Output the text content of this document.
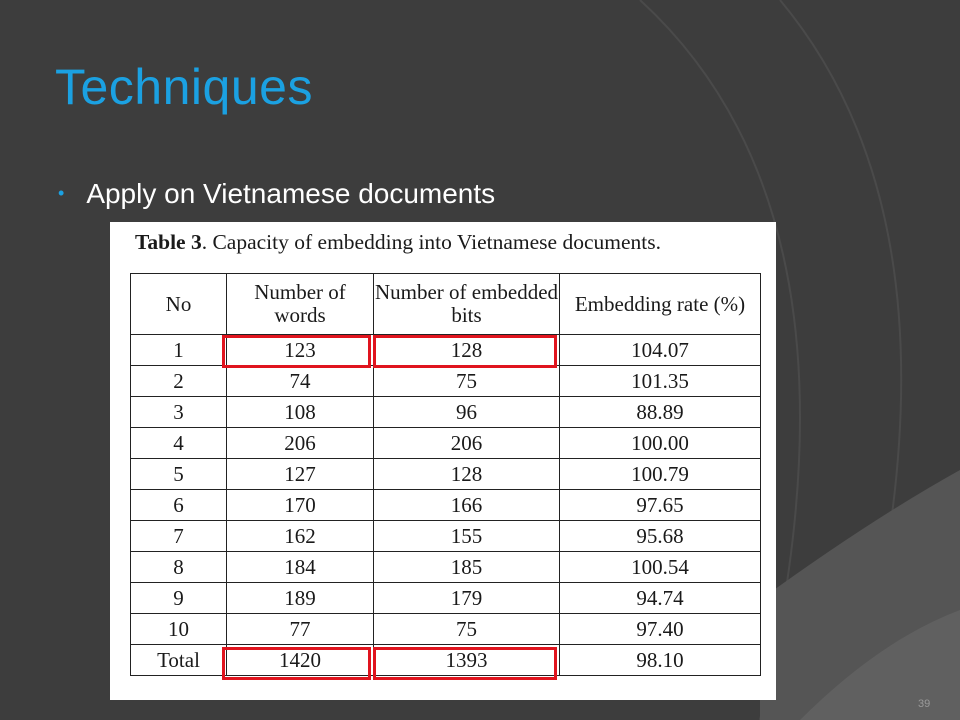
Techniques
• Apply on Vietnamese documents
Table 3. Capacity of embedding into Vietnamese documents.
No	Number of words	Number of embedded bits	Embedding rate (%)
1	123	128	104.07
2	74	75	101.35
3	108	96	88.89
4	206	206	100.00
5	127	128	100.79
6	170	166	97.65
7	162	155	95.68
8	184	185	100.54
9	189	179	94.74
10	77	75	97.40
Total	1420	1393	98.10
39
